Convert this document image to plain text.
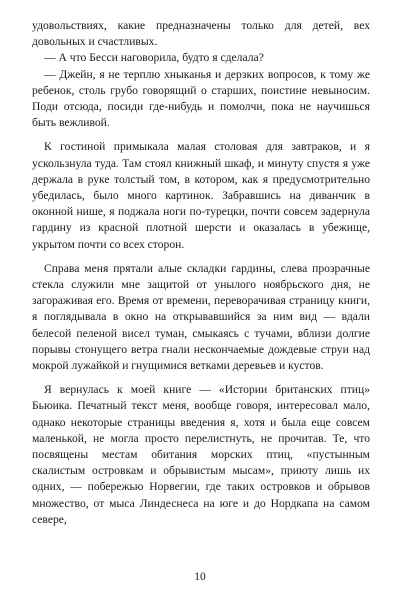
удовольствиях, какие предназначены только для детей, вех довольных и счастливых.

— А что Бесси наговорила, будто я сделала?

— Джейн, я не терплю хныканья и дерзких вопросов, к тому же ребенок, столь грубо говорящий о старших, поистине невыносим. Поди отсюда, посиди где-нибудь и помолчи, пока не научишься быть вежливой.

К гостиной примыкала малая столовая для завтраков, и я ускользнула туда. Там стоял книжный шкаф, и минуту спустя я уже держала в руке толстый том, в котором, как я предусмотрительно убедилась, было много картинок. Забравшись на диванчик в оконной нише, я поджала ноги по-турецки, почти совсем задернула гардину из красной плотной шерсти и оказалась в убежище, укрытом почти со всех сторон.

Справа меня прятали алые складки гардины, слева прозрачные стекла служили мне защитой от унылого ноябрьского дня, не загораживая его. Время от времени, переворачивая страницу книги, я поглядывала в окно на открывавшийся за ним вид — вдали белесой пеленой висел туман, смыкаясь с тучами, вблизи долгие порывы стонущего ветра гнали нескончаемые дождевые струи над мокрой лужайкой и гнущимися ветками деревьев и кустов.

Я вернулась к моей книге — «Истории британских птиц» Бьюика. Печатный текст меня, вообще говоря, интересовал мало, однако некоторые страницы введения я, хотя и была еще совсем маленькой, не могла просто перелистнуть, не прочитав. Те, что посвящены местам обитания морских птиц, «пустынным скалистым островкам и обрывистым мысам», приюту лишь их одних, — побережью Норвегии, где таких островков и обрывов множество, от мыса Линдеснеса на юге и до Нордкапа на самом севере,

10
